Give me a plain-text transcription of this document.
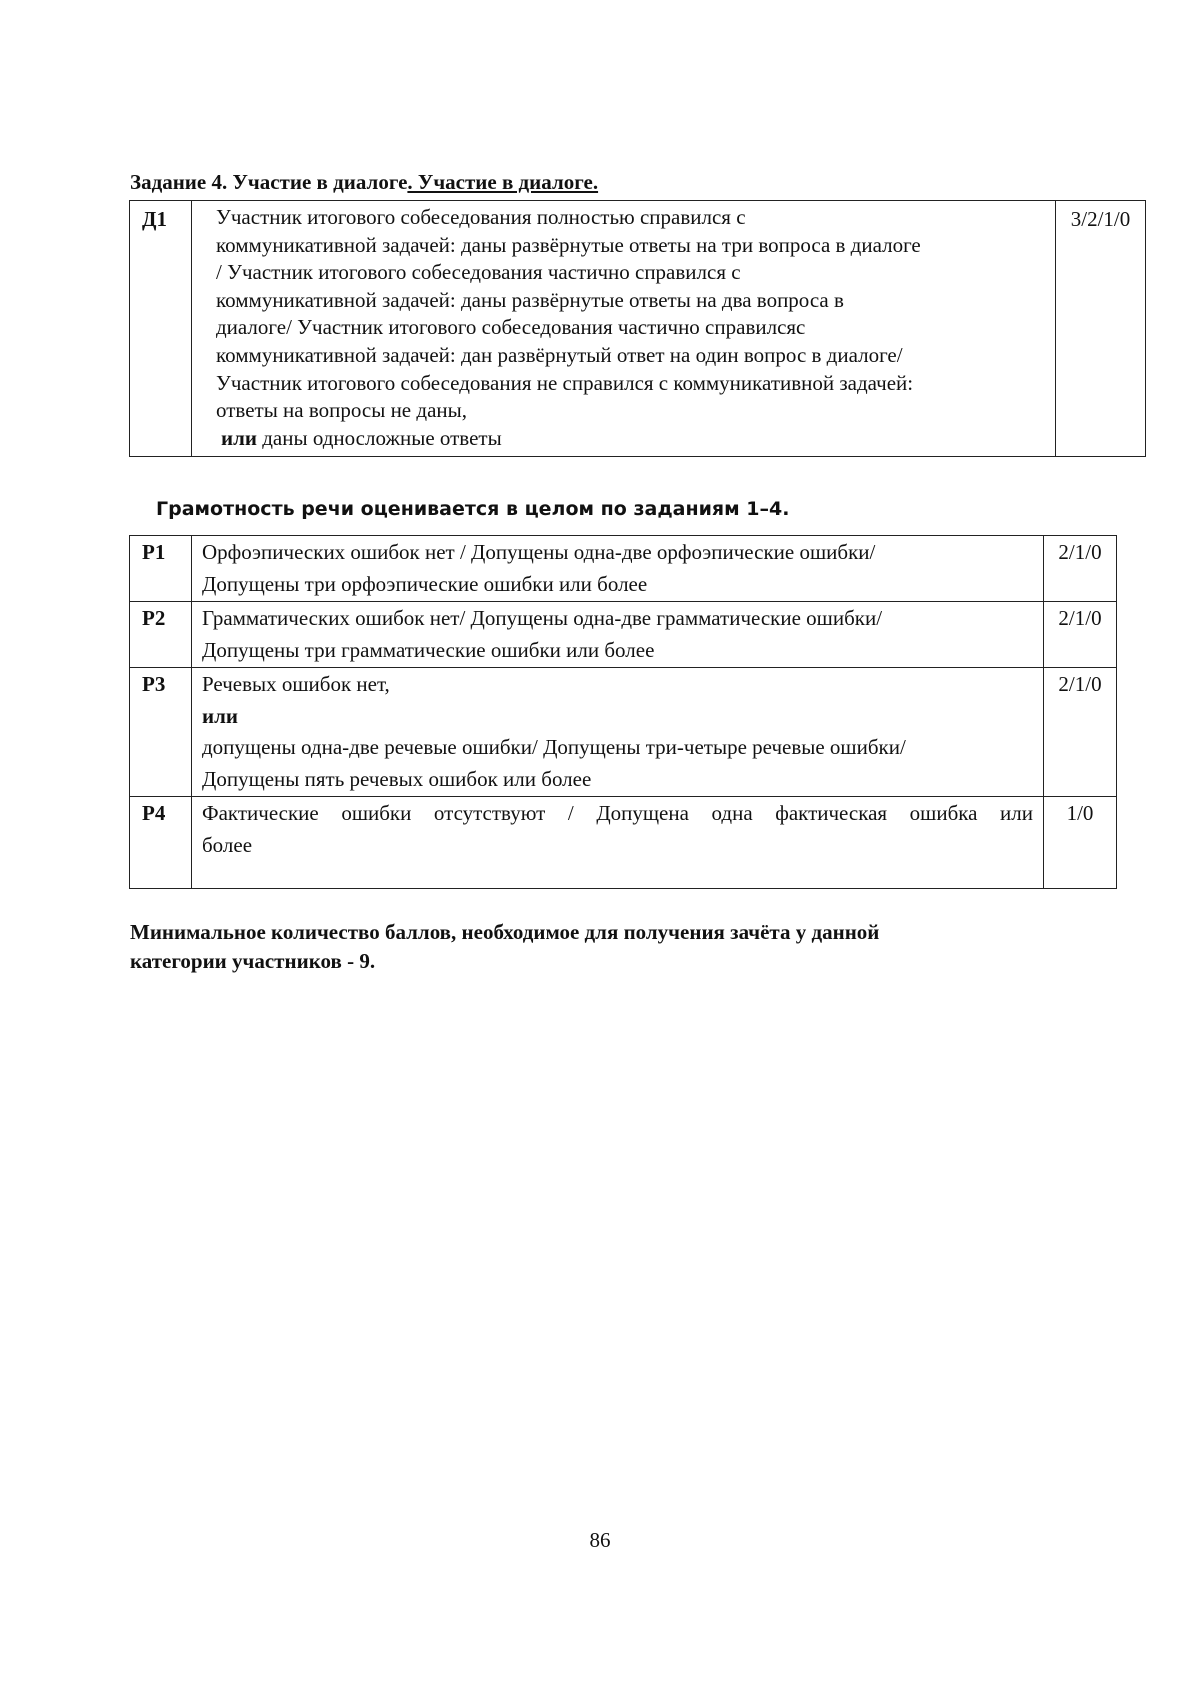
Задание 4. Участие в диалоге. Участие в диалоге.
Д1	Участник итогового собеседования полностью справился с
коммуникативной задачей: даны развёрнутые ответы на три вопроса в диалоге
/ Участник итогового собеседования частично справился с
коммуникативной задачей: даны развёрнутые ответы на два вопроса в
диалоге/ Участник итогового собеседования частично справилсяс
коммуникативной задачей: дан развёрнутый ответ на один вопрос в диалоге/
Участник итогового собеседования не справился с коммуникативной задачей:
ответы на вопросы не даны,
или даны односложные ответы
	3/2/1/0
Грамотность речи оценивается в целом по заданиям 1–4.
Р1	Орфоэпических ошибок нет / Допущены одна-две орфоэпические ошибки/
Допущены три орфоэпические ошибки или более	2/1/0
Р2	Грамматических ошибок нет/ Допущены одна-две грамматические ошибки/
Допущены три грамматические ошибки или более	2/1/0
Р3	Речевых ошибок нет,
или
допущены одна-две речевые ошибки/ Допущены три-четыре речевые ошибки/
Допущены пять речевых ошибок или более	2/1/0
Р4	Фактические ошибки отсутствуют / Допущена одна фактическая ошибка или
более	1/0
Минимальное количество баллов, необходимое для получения зачёта у данной
категории участников - 9.
86
